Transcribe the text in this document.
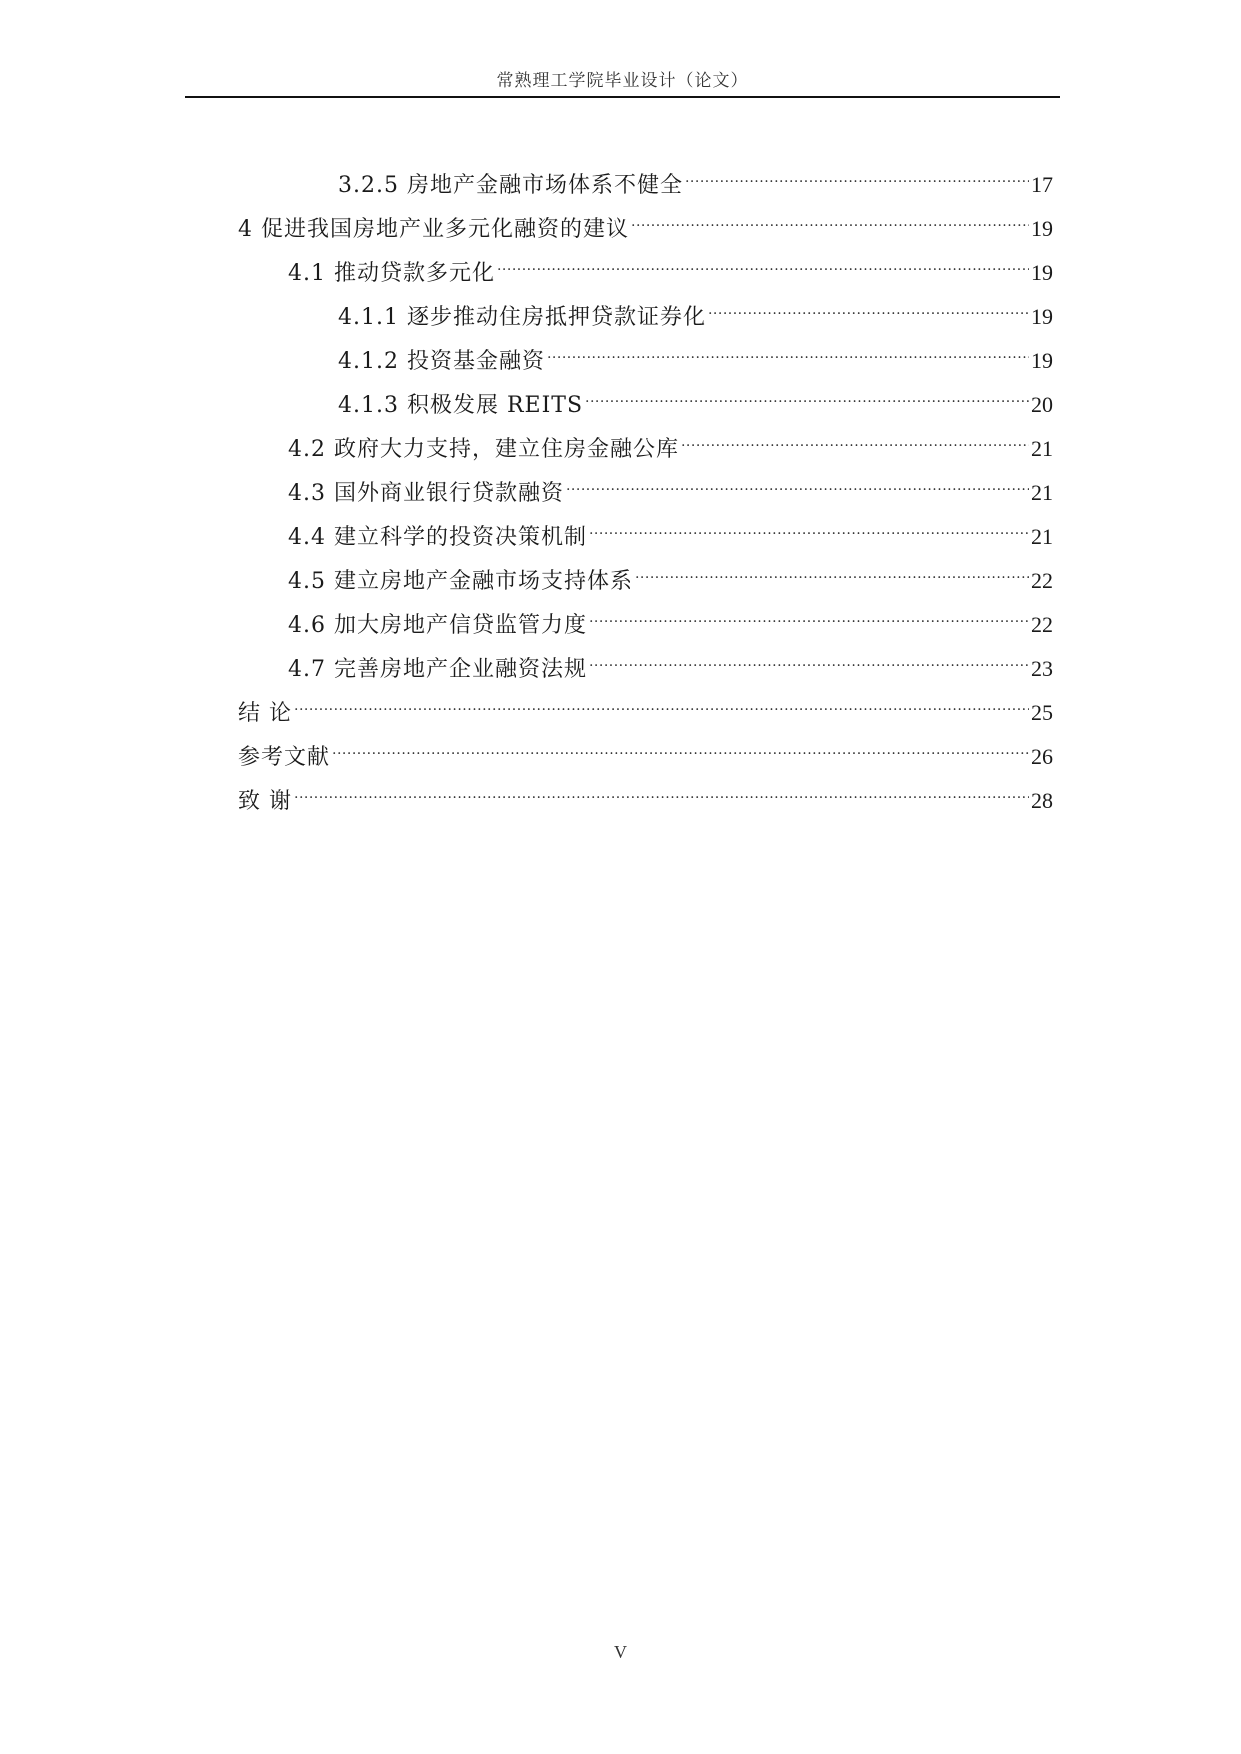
常熟理工学院毕业设计（论文）
3.2.5 房地产金融市场体系不健全 .....	17
4 促进我国房地产业多元化融资的建议 .....	19
4.1 推动贷款多元化 .....	19
4.1.1 逐步推动住房抵押贷款证券化 .....	19
4.1.2 投资基金融资 .....	19
4.1.3 积极发展 REITS .....	20
4.2 政府大力支持，建立住房金融公库 .....	21
4.3 国外商业银行贷款融资 .....	21
4.4 建立科学的投资决策机制 .....	21
4.5 建立房地产金融市场支持体系 .....	22
4.6 加大房地产信贷监管力度 .....	22
4.7 完善房地产企业融资法规 .....	23
结 论 .....	25
参考文献 .....	26
致 谢 .....	28
V
